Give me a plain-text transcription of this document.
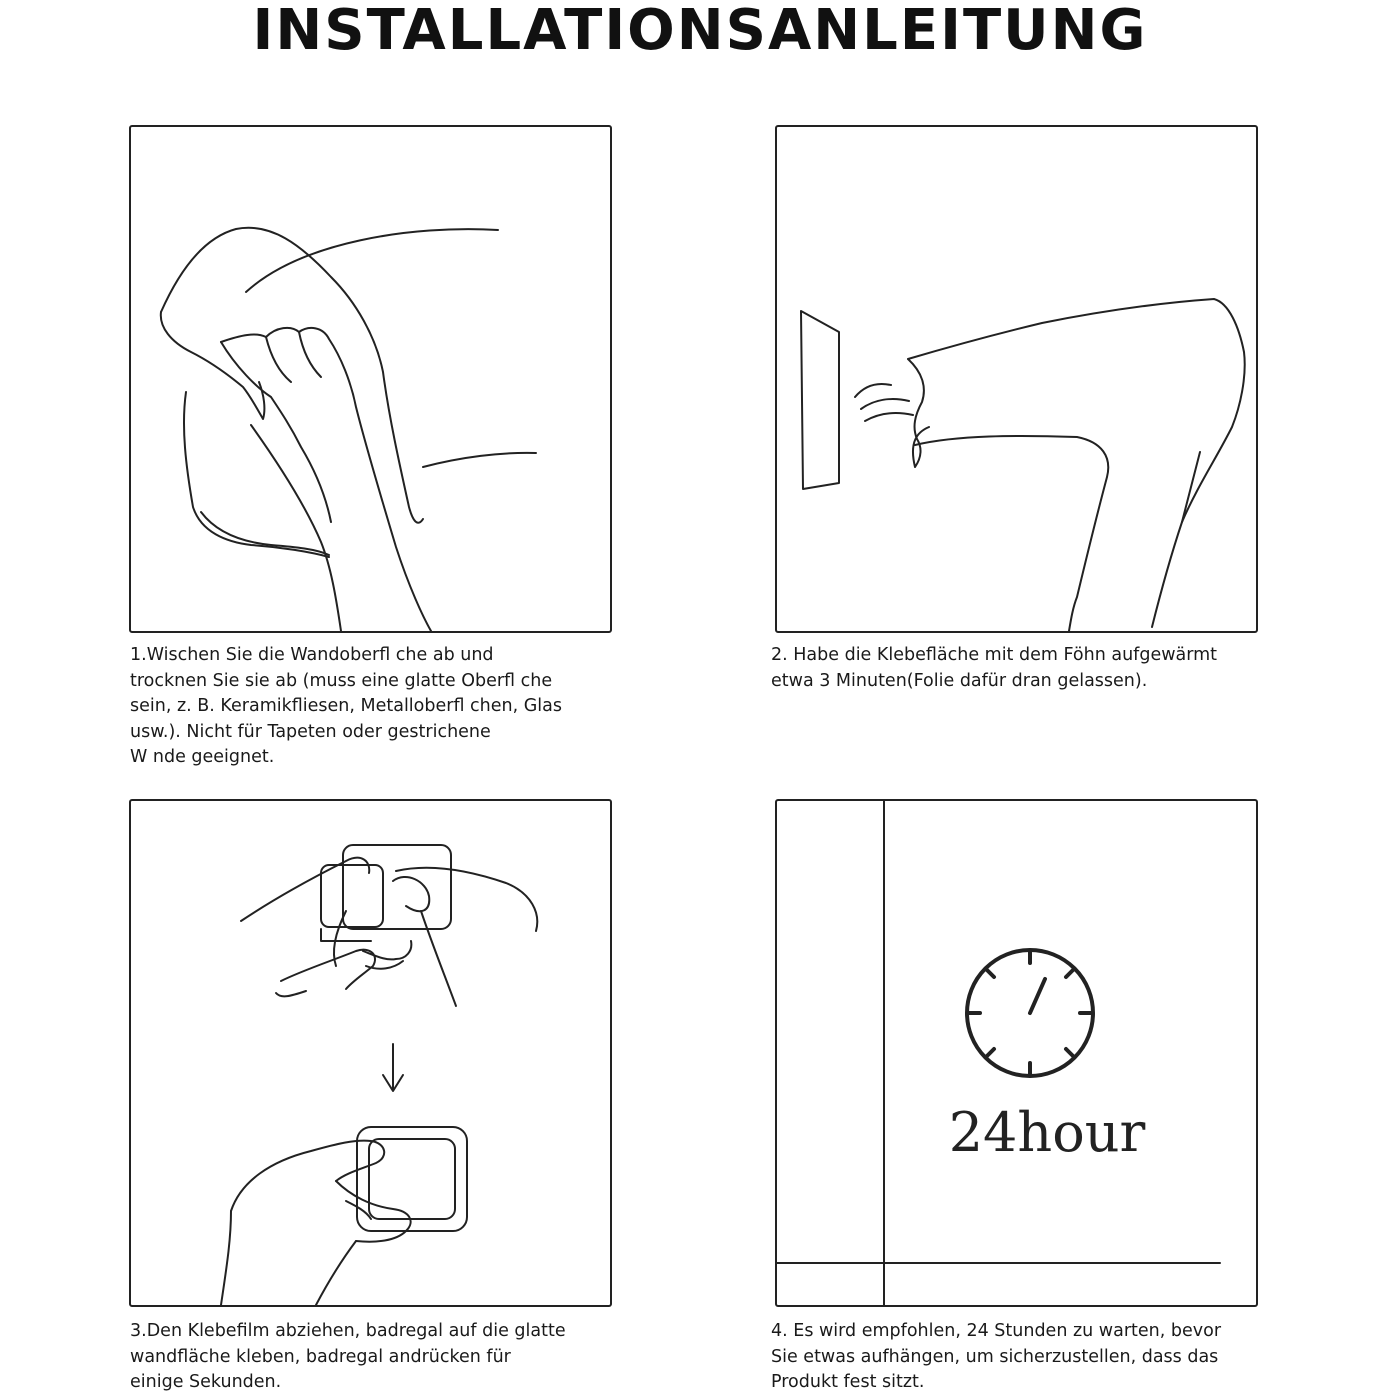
INSTALLATIONSANLEITUNG
1.Wischen Sie die Wandoberfl che ab und
trocknen Sie sie ab (muss eine glatte Oberfl che
sein, z. B. Keramikfliesen, Metalloberfl chen, Glas
usw.). Nicht für Tapeten oder gestrichene
W nde geeignet.
2. Habe die Klebefläche mit dem Föhn aufgewärmt
etwa 3 Minuten(Folie dafür dran gelassen).
3.Den Klebefilm abziehen, badregal auf die glatte
wandfläche kleben, badregal andrücken für
einige Sekunden.
24hour
4. Es wird empfohlen, 24 Stunden zu warten, bevor
Sie etwas aufhängen, um sicherzustellen, dass das
Produkt fest sitzt.
